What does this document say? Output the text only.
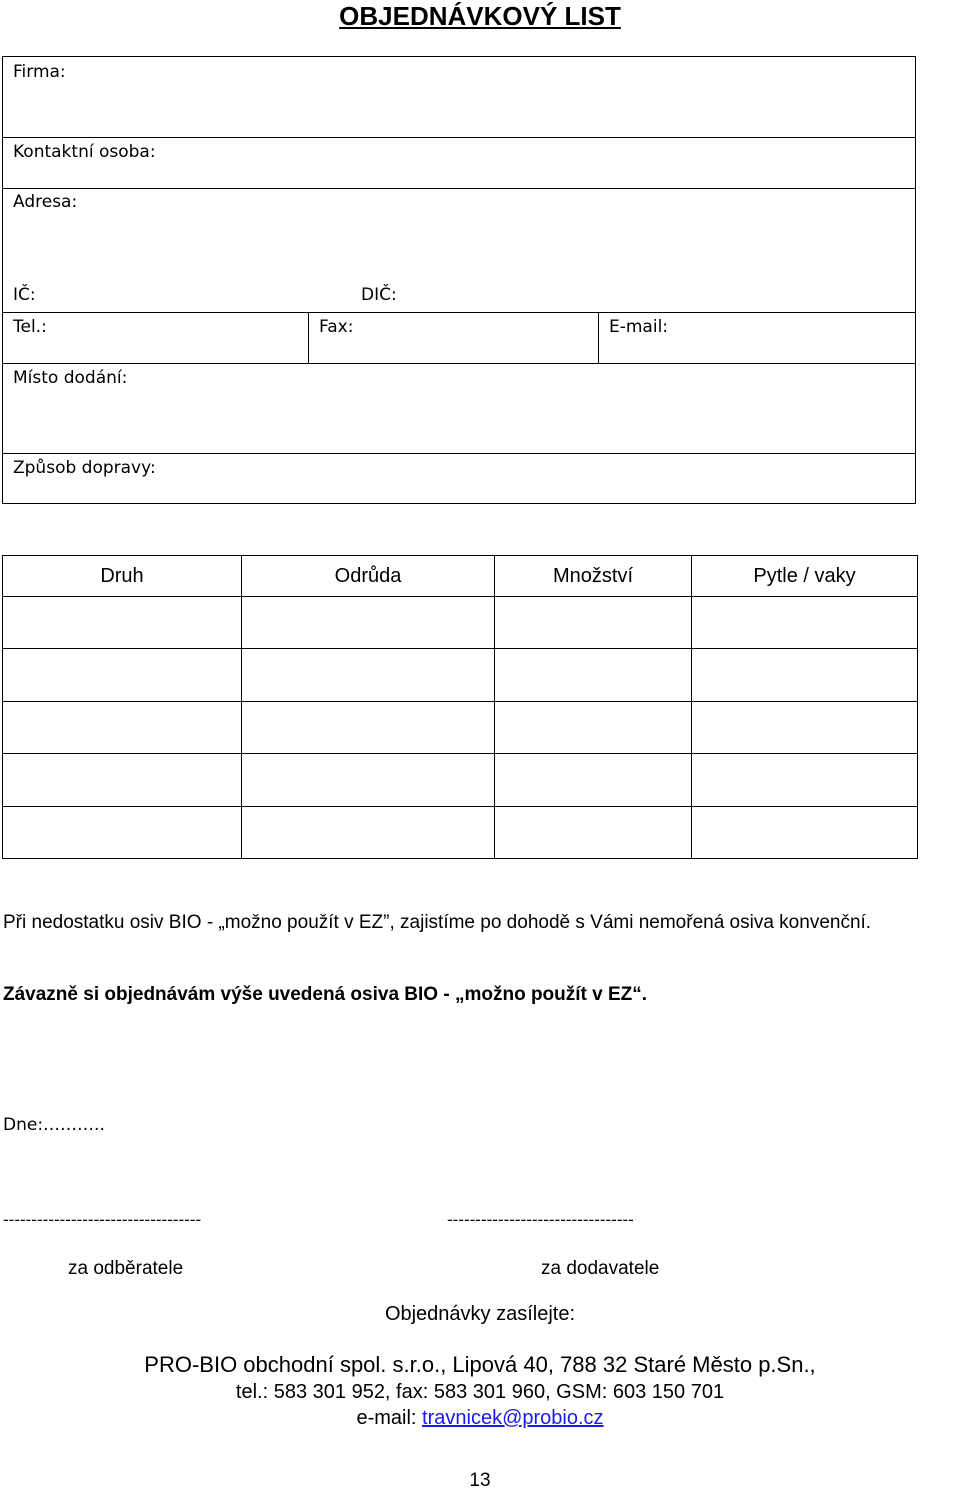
OBJEDNÁVKOVÝ LIST
Firma:
Kontaktní osoba:
Adresa:
IČ:	DIČ:
Tel.:	Fax:	E-mail:
Místo dodání:
Způsob dopravy:
Druh	Odrůda	Množství	Pytle / vaky

Při nedostatku osiv BIO - „možno použít v EZ”, zajistíme po dohodě s Vámi nemořená osiva konvenční.
Závazně si objednávám výše uvedená osiva BIO - „možno použít v EZ“.
Dne:………..
-----------------------------------	---------------------------------
za odběratele	za dodavatele
Objednávky zasílejte:
PRO-BIO obchodní spol. s.r.o., Lipová 40, 788 32 Staré Město p.Sn.,
tel.: 583 301 952, fax: 583 301 960, GSM: 603 150 701
e-mail: travnicek@probio.cz
13
